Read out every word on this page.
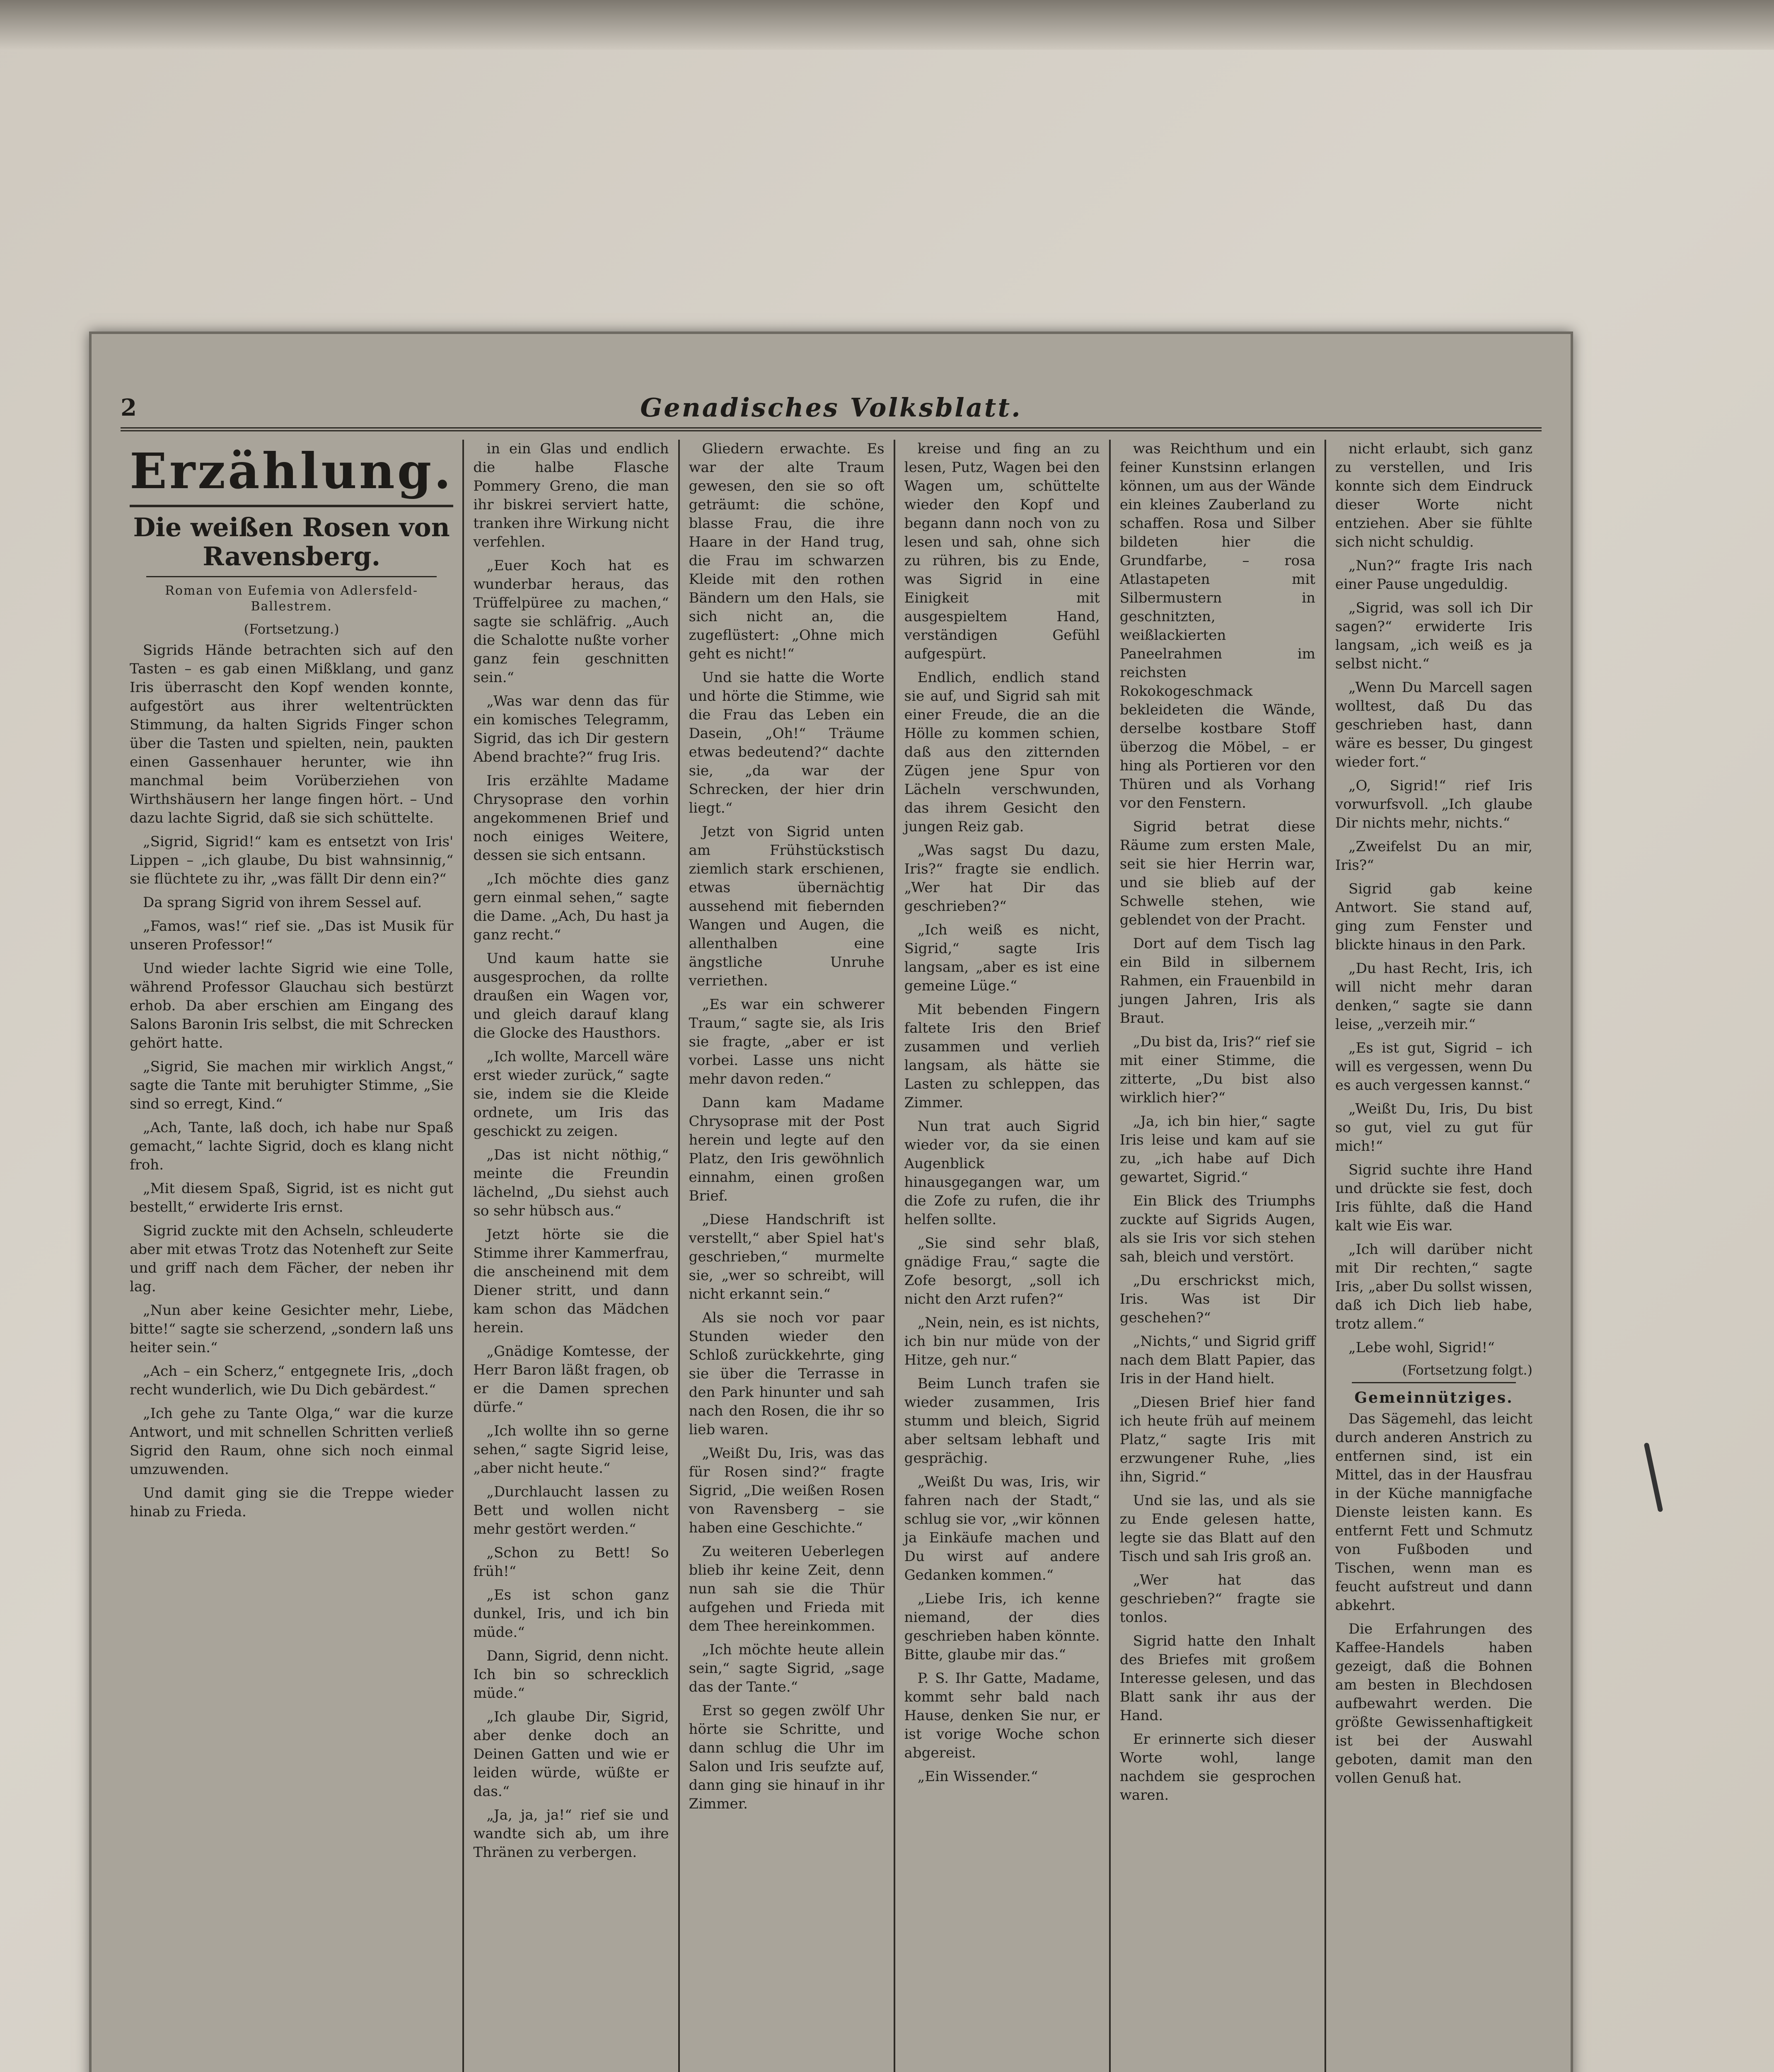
2	Genadisches Volksblatt.
Erzählung.
Die weißen Rosen von Ravensberg.
Roman von Eufemia von Adlersfeld-Ballestrem.
(Fortsetzung.)

Sigrids Hände betrachten sich auf den Tasten – es gab einen Mißklang, und ganz Iris überrascht den Kopf wenden konnte, aufgestört aus ihrer weltentrückten Stimmung, da halten Sigrids Finger schon über die Tasten und spielten, nein, paukten einen Gassenhauer herunter, wie ihn manchmal beim Vorüberziehen von Wirthshäusern her lange fingen hört. – Und dazu lachte Sigrid, daß sie sich schüttelte.

„Sigrid, Sigrid!“ kam es entsetzt von Iris' Lippen – „ich glaube, Du bist wahnsinnig,“ sie flüchtete zu ihr, „was fällt Dir denn ein?“

Da sprang Sigrid von ihrem Sessel auf.

„Famos, was!“ rief sie. „Das ist Musik für unseren Professor!“

Und wieder lachte Sigrid wie eine Tolle, während Professor Glauchau sich bestürzt erhob. Da aber erschien am Eingang des Salons Baronin Iris selbst, die mit Schrecken gehört hatte.

„Sigrid, Sie machen mir wirklich Angst,“ sagte die Tante mit beruhigter Stimme, „Sie sind so erregt, Kind.“

„Ach, Tante, laß doch, ich habe nur Spaß gemacht,“ lachte Sigrid, doch es klang nicht froh.

„Mit diesem Spaß, Sigrid, ist es nicht gut bestellt,“ erwiderte Iris ernst.

Sigrid zuckte mit den Achseln, schleuderte aber mit etwas Trotz das Notenheft zur Seite und griff nach dem Fächer, der neben ihr lag.

„Nun aber keine Gesichter mehr, Liebe, bitte!“ sagte sie scherzend, „sondern laß uns heiter sein.“

„Ach – ein Scherz,“ entgegnete Iris, „doch recht wunderlich, wie Du Dich gebärdest.“

„Ich gehe zu Tante Olga,“ war die kurze Antwort, und mit schnellen Schritten verließ Sigrid den Raum, ohne sich noch einmal umzuwenden.

Und damit ging sie die Treppe wieder hinab zu Frieda.

in ein Glas und endlich die halbe Flasche Pommery Greno, die man ihr biskrei serviert hatte, tranken ihre Wirkung nicht verfehlen.

„Euer Koch hat es wunderbar heraus, das Trüffelpüree zu machen,“ sagte sie schläfrig. „Auch die Schalotte nußte vorher ganz fein geschnitten sein.“

„Was war denn das für ein komisches Telegramm, Sigrid, das ich Dir gestern Abend brachte?“ frug Iris.

Iris erzählte Madame Chrysoprase den vorhin angekommenen Brief und noch einiges Weitere, dessen sie sich entsann.

„Ich möchte dies ganz gern einmal sehen,“ sagte die Dame. „Ach, Du hast ja ganz recht.“

Und kaum hatte sie ausgesprochen, da rollte draußen ein Wagen vor, und gleich darauf klang die Glocke des Hausthors.

„Ich wollte, Marcell wäre erst wieder zurück,“ sagte sie, indem sie die Kleide ordnete, um Iris das geschickt zu zeigen.

„Das ist nicht nöthig,“ meinte die Freundin lächelnd, „Du siehst auch so sehr hübsch aus.“

Jetzt hörte sie die Stimme ihrer Kammerfrau, die anscheinend mit dem Diener stritt, und dann kam schon das Mädchen herein.

„Gnädige Komtesse, der Herr Baron läßt fragen, ob er die Damen sprechen dürfe.“

„Ich wollte ihn so gerne sehen,“ sagte Sigrid leise, „aber nicht heute.“

„Durchlaucht lassen zu Bett und wollen nicht mehr gestört werden.“

„Schon zu Bett! So früh!“

„Es ist schon ganz dunkel, Iris, und ich bin müde.“

Dann, Sigrid, denn nicht. Ich bin so schrecklich müde.“

„Ich glaube Dir, Sigrid, aber denke doch an Deinen Gatten und wie er leiden würde, wüßte er das.“

„Ja, ja, ja!“ rief sie und wandte sich ab, um ihre Thränen zu verbergen.

Gliedern erwachte. Es war der alte Traum gewesen, den sie so oft geträumt: die schöne, blasse Frau, die ihre Haare in der Hand trug, die Frau im schwarzen Kleide mit den rothen Bändern um den Hals, sie sich nicht an, die zugeflüstert: „Ohne mich geht es nicht!“

Und sie hatte die Worte und hörte die Stimme, wie die Frau das Leben ein Dasein, „Oh!“ Träume etwas bedeutend?“ dachte sie, „da war der Schrecken, der hier drin liegt.“

Jetzt von Sigrid unten am Frühstückstisch ziemlich stark erschienen, etwas übernächtig aussehend mit fiebernden Wangen und Augen, die allenthalben eine ängstliche Unruhe verriethen.

„Es war ein schwerer Traum,“ sagte sie, als Iris sie fragte, „aber er ist vorbei. Lasse uns nicht mehr davon reden.“

Dann kam Madame Chrysoprase mit der Post herein und legte auf den Platz, den Iris gewöhnlich einnahm, einen großen Brief.

„Diese Handschrift ist verstellt,“ aber Spiel hat's geschrieben,“ murmelte sie, „wer so schreibt, will nicht erkannt sein.“

Als sie noch vor paar Stunden wieder den Schloß zurückkehrte, ging sie über die Terrasse in den Park hinunter und sah nach den Rosen, die ihr so lieb waren.

„Weißt Du, Iris, was das für Rosen sind?“ fragte Sigrid, „Die weißen Rosen von Ravensberg – sie haben eine Geschichte.“

Zu weiteren Ueberlegen blieb ihr keine Zeit, denn nun sah sie die Thür aufgehen und Frieda mit dem Thee hereinkommen.

„Ich möchte heute allein sein,“ sagte Sigrid, „sage das der Tante.“

Erst so gegen zwölf Uhr hörte sie Schritte, und dann schlug die Uhr im Salon und Iris seufzte auf, dann ging sie hinauf in ihr Zimmer.

kreise und fing an zu lesen, Putz, Wagen bei den Wagen um, schüttelte wieder den Kopf und begann dann noch von zu lesen und sah, ohne sich zu rühren, bis zu Ende, was Sigrid in eine Einigkeit mit ausgespieltem Hand, verständigen Gefühl aufgespürt.

Endlich, endlich stand sie auf, und Sigrid sah mit einer Freude, die an die Hölle zu kommen schien, daß aus den zitternden Zügen jene Spur von Lächeln verschwunden, das ihrem Gesicht den jungen Reiz gab.

„Was sagst Du dazu, Iris?“ fragte sie endlich. „Wer hat Dir das geschrieben?“

„Ich weiß es nicht, Sigrid,“ sagte Iris langsam, „aber es ist eine gemeine Lüge.“

Mit bebenden Fingern faltete Iris den Brief zusammen und verlieh langsam, als hätte sie Lasten zu schleppen, das Zimmer.

Nun trat auch Sigrid wieder vor, da sie einen Augenblick hinausgegangen war, um die Zofe zu rufen, die ihr helfen sollte.

„Sie sind sehr blaß, gnädige Frau,“ sagte die Zofe besorgt, „soll ich nicht den Arzt rufen?“

„Nein, nein, es ist nichts, ich bin nur müde von der Hitze, geh nur.“

Beim Lunch trafen sie wieder zusammen, Iris stumm und bleich, Sigrid aber seltsam lebhaft und gesprächig.

„Weißt Du was, Iris, wir fahren nach der Stadt,“ schlug sie vor, „wir können ja Einkäufe machen und Du wirst auf andere Gedanken kommen.“

„Liebe Iris, ich kenne niemand, der dies geschrieben haben könnte. Bitte, glaube mir das.“

P. S. Ihr Gatte, Madame, kommt sehr bald nach Hause, denken Sie nur, er ist vorige Woche schon abgereist.

„Ein Wissender.“

was Reichthum und ein feiner Kunstsinn erlangen können, um aus der Wände ein kleines Zauberland zu schaffen. Rosa und Silber bildeten hier die Grundfarbe, – rosa Atlastapeten mit Silbermustern in geschnitzten, weißlackierten Paneelrahmen im reichsten Rokokogeschmack bekleideten die Wände, derselbe kostbare Stoff überzog die Möbel, – er hing als Portieren vor den Thüren und als Vorhang vor den Fenstern.

Sigrid betrat diese Räume zum ersten Male, seit sie hier Herrin war, und sie blieb auf der Schwelle stehen, wie geblendet von der Pracht.

Dort auf dem Tisch lag ein Bild in silbernem Rahmen, ein Frauenbild in jungen Jahren, Iris als Braut.

„Du bist da, Iris?“ rief sie mit einer Stimme, die zitterte, „Du bist also wirklich hier?“

„Ja, ich bin hier,“ sagte Iris leise und kam auf sie zu, „ich habe auf Dich gewartet, Sigrid.“

Ein Blick des Triumphs zuckte auf Sigrids Augen, als sie Iris vor sich stehen sah, bleich und verstört.

„Du erschrickst mich, Iris. Was ist Dir geschehen?“

„Nichts,“ und Sigrid griff nach dem Blatt Papier, das Iris in der Hand hielt.

„Diesen Brief hier fand ich heute früh auf meinem Platz,“ sagte Iris mit erzwungener Ruhe, „lies ihn, Sigrid.“

Und sie las, und als sie zu Ende gelesen hatte, legte sie das Blatt auf den Tisch und sah Iris groß an.

„Wer hat das geschrieben?“ fragte sie tonlos.

Sigrid hatte den Inhalt des Briefes mit großem Interesse gelesen, und das Blatt sank ihr aus der Hand.

Er erinnerte sich dieser Worte wohl, lange nachdem sie gesprochen waren.

nicht erlaubt, sich ganz zu verstellen, und Iris konnte sich dem Eindruck dieser Worte nicht entziehen. Aber sie fühlte sich nicht schuldig.

„Nun?“ fragte Iris nach einer Pause ungeduldig.

„Sigrid, was soll ich Dir sagen?“ erwiderte Iris langsam, „ich weiß es ja selbst nicht.“

„Wenn Du Marcell sagen wolltest, daß Du das geschrieben hast, dann wäre es besser, Du gingest wieder fort.“

„O, Sigrid!“ rief Iris vorwurfsvoll. „Ich glaube Dir nichts mehr, nichts.“

„Zweifelst Du an mir, Iris?“

Sigrid gab keine Antwort. Sie stand auf, ging zum Fenster und blickte hinaus in den Park.

„Du hast Recht, Iris, ich will nicht mehr daran denken,“ sagte sie dann leise, „verzeih mir.“

„Es ist gut, Sigrid – ich will es vergessen, wenn Du es auch vergessen kannst.“

„Weißt Du, Iris, Du bist so gut, viel zu gut für mich!“

Sigrid suchte ihre Hand und drückte sie fest, doch Iris fühlte, daß die Hand kalt wie Eis war.

„Ich will darüber nicht mit Dir rechten,“ sagte Iris, „aber Du sollst wissen, daß ich Dich lieb habe, trotz allem.“

„Lebe wohl, Sigrid!“

(Fortsetzung folgt.)
Gemeinnütziges.

Das Sägemehl, das leicht durch anderen Anstrich zu entfernen sind, ist ein Mittel, das in der Hausfrau in der Küche mannigfache Dienste leisten kann. Es entfernt Fett und Schmutz von Fußboden und Tischen, wenn man es feucht aufstreut und dann abkehrt.

Die Erfahrungen des Kaffee-Handels haben gezeigt, daß die Bohnen am besten in Blechdosen aufbewahrt werden. Die größte Gewissenhaftigkeit ist bei der Auswahl geboten, damit man den vollen Genuß hat.
